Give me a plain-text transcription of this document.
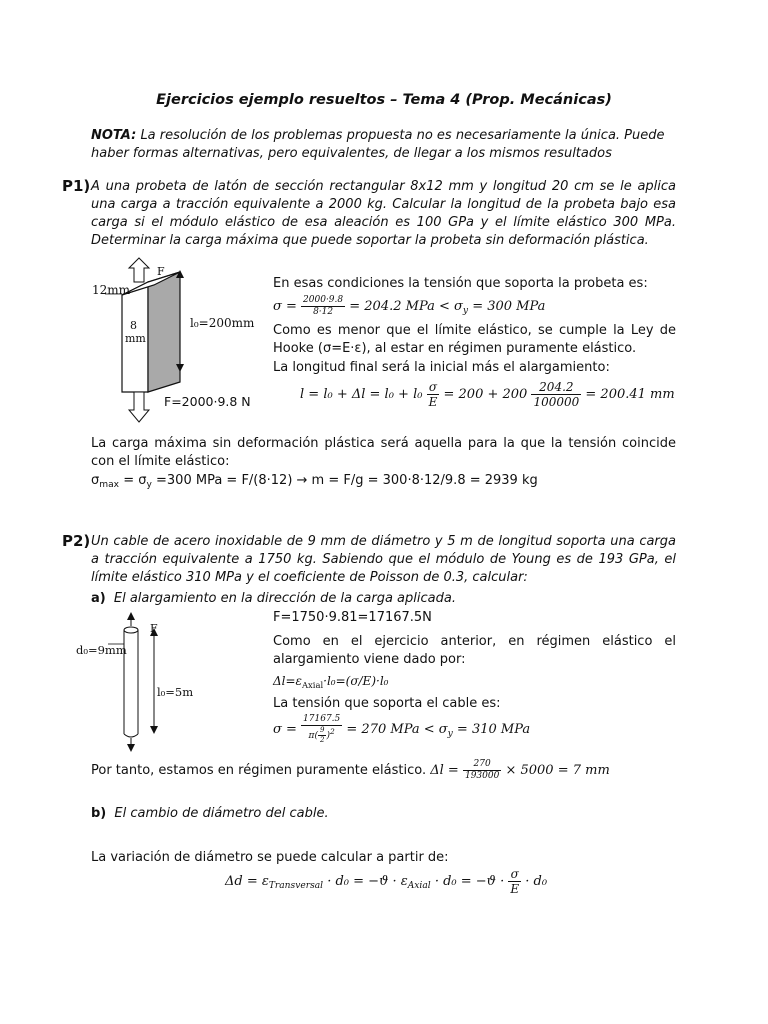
Ejercicios ejemplo resueltos – Tema 4 (Prop. Mecánicas)
NOTA: La resolución de los problemas propuesta no es necesariamente la única. Puede haber formas alternativas, pero equivalentes, de llegar a los mismos resultados
P1) A una probeta de latón de sección rectangular 8x12 mm y longitud 20 cm se le aplica una carga a tracción equivalente a 2000 kg. Calcular la longitud de la probeta bajo esa carga si el módulo elástico de esa aleación es 100 GPa y el límite elástico 300 MPa. Determinar la carga máxima que puede soportar la probeta sin deformación plástica.
F
12mm
8
mm
l₀=200mm
F=2000·9.8 N
En esas condiciones la tensión que soporta la probeta es:
$\sigma = \frac{2000\cdot 9.8}{8\cdot 12} = 204.2$ MPa < $\sigma_y = 300$ MPa
Como es menor que el límite elástico, se cumple la Ley de Hooke (σ=E·ε), al estar en régimen puramente elástico.
La longitud final será la inicial más el alargamiento:
$l = l_0 + \Delta l = l_0 + l_0 \frac{\sigma}{E} = 200 + 200 \frac{204.2}{100000} = 200.41$ mm
La carga máxima sin deformación plástica será aquella para la que la tensión coincide con el límite elástico:
$\sigma_{max} = \sigma_y =300$ MPa = F/(8·12) → m = F/g = 300·8·12/9.8 = 2939 kg
P2) Un cable de acero inoxidable de 9 mm de diámetro y 5 m de longitud soporta una carga a tracción equivalente a 1750 kg. Sabiendo que el módulo de Young es de 193 GPa, el límite elástico 310 MPa y el coeficiente de Poisson de 0.3, calcular:
a) El alargamiento en la dirección de la carga aplicada.
F
d₀=9mm
l₀=5m
F=1750·9.81=17167.5N
Como en el ejercicio anterior, en régimen elástico el alargamiento viene dado por:
$\Delta l=\varepsilon_{Axial}\cdot l_0=(\sigma/E)\cdot l_0$
La tensión que soporta el cable es:
$\sigma = \frac{17167.5}{\pi( \frac{9}{2} )^2} = 270$ MPa < $\sigma_y = 310$ MPa
Por tanto, estamos en régimen puramente elástico. $\Delta l = \frac{270}{193000} \times 5000 = 7$ mm
b) El cambio de diámetro del cable.
La variación de diámetro se puede calcular a partir de:
$\Delta d = \varepsilon_{Transversal} \cdot d_0 = -ϑ \cdot \varepsilon_{Axial} \cdot d_0 = -ϑ \cdot \frac{\sigma}{E} \cdot d_0$
